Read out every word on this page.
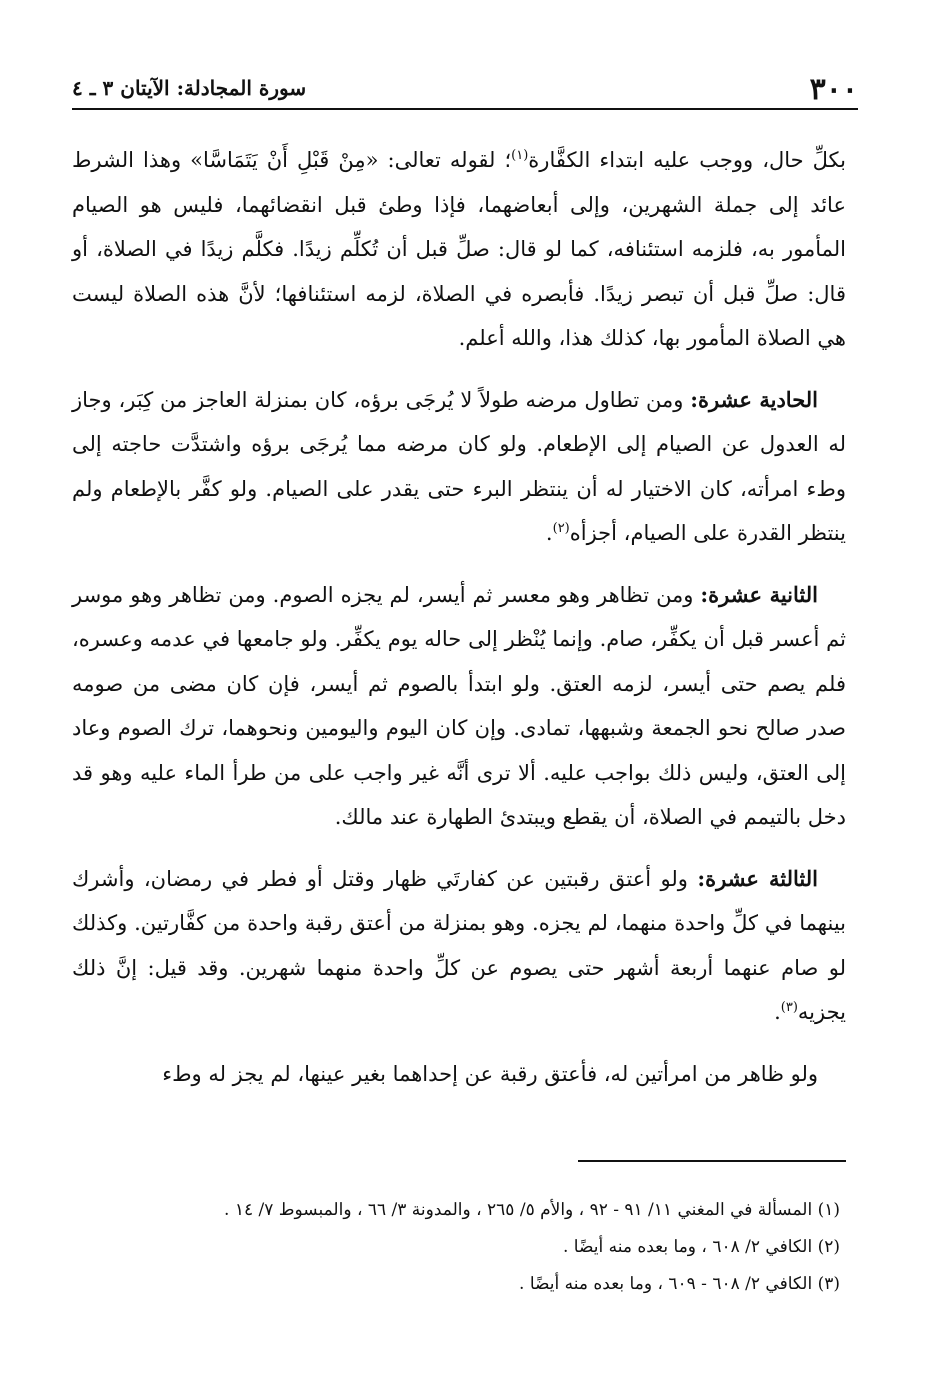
٣٠٠
سورة المجادلة: الآيتان ٣ ـ ٤

بكلِّ حال، ووجب عليه ابتداء الكفَّارة$^{(١)}$؛ لقوله تعالى: «مِنْ قَبْلِ أَنْ يَتَمَاسَّا» وهذا الشرط عائد إلى جملة الشهرين، وإلى أبعاضهما، فإذا وطئ قبل انقضائهما، فليس هو الصيام المأمور به، فلزمه استئنافه، كما لو قال: صلِّ قبل أن تُكلِّم زيدًا. فكلَّم زيدًا في الصلاة، أو قال: صلِّ قبل أن تبصر زيدًا. فأبصره في الصلاة، لزمه استئنافها؛ لأنَّ هذه الصلاة ليست هي الصلاة المأمور بها، كذلك هذا، والله أعلم.

الحادية عشرة: ومن تطاول مرضه طولاً لا يُرجَى برؤه، كان بمنزلة العاجز من كِبَر، وجاز له العدول عن الصيام إلى الإطعام. ولو كان مرضه مما يُرجَى برؤه واشتدَّت حاجته إلى وطء امرأته، كان الاختيار له أن ينتظر البرء حتى يقدر على الصيام. ولو كفَّر بالإطعام ولم ينتظر القدرة على الصيام، أجزأه$^{(٢)}$.

الثانية عشرة: ومن تظاهر وهو معسر ثم أيسر، لم يجزه الصوم. ومن تظاهر وهو موسر ثم أعسر قبل أن يكفِّر، صام. وإنما يُنْظر إلى حاله يوم يكفِّر. ولو جامعها في عدمه وعسره، فلم يصم حتى أيسر، لزمه العتق. ولو ابتدأ بالصوم ثم أيسر، فإن كان مضى من صومه صدر صالح نحو الجمعة وشبهها، تمادى. وإن كان اليوم واليومين ونحوهما، ترك الصوم وعاد إلى العتق، وليس ذلك بواجب عليه. ألا ترى أنَّه غير واجب على من طرأ الماء عليه وهو قد دخل بالتيمم في الصلاة، أن يقطع ويبتدئ الطهارة عند مالك.

الثالثة عشرة: ولو أعتق رقبتين عن كفارتَي ظهار وقتل أو فطر في رمضان، وأشرك بينهما في كلِّ واحدة منهما، لم يجزه. وهو بمنزلة من أعتق رقبة واحدة من كفَّارتين. وكذلك لو صام عنهما أربعة أشهر حتى يصوم عن كلِّ واحدة منهما شهرين. وقد قيل: إنَّ ذلك يجزيه$^{(٣)}$.

ولو ظاهر من امرأتين له، فأعتق رقبة عن إحداهما بغير عينها، لم يجز له وطء

(١) المسألة في المغني ١١/ ٩١ - ٩٢ ، والأم ٥/ ٢٦٥ ، والمدونة ٣/ ٦٦ ، والمبسوط ٧/ ١٤ .

(٢) الكافي ٢/ ٦٠٨ ، وما بعده منه أيضًا .

(٣) الكافي ٢/ ٦٠٨ - ٦٠٩ ، وما بعده منه أيضًا .
